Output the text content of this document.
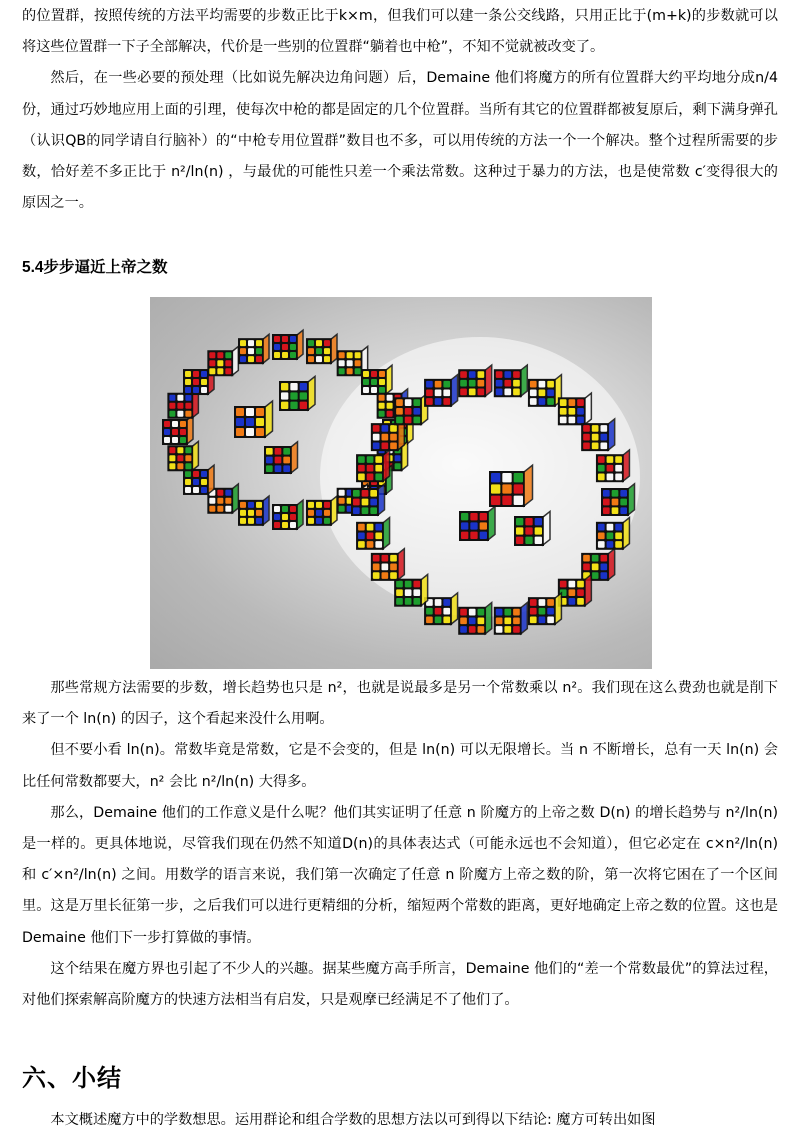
的位置群，按照传统的方法平均需要的步数正比于k×m，但我们可以建一条公交线路，只用正比于(m+k)的步数就可以将这些位置群一下子全部解决，代价是一些别的位置群“躺着也中枪”，不知不觉就被改变了。

然后，在一些必要的预处理（比如说先解决边角问题）后，Demaine 他们将魔方的所有位置群大约平均地分成n/4份，通过巧妙地应用上面的引理，使每次中枪的都是固定的几个位置群。当所有其它的位置群都被复原后，剩下满身弹孔（认识QB的同学请自行脑补）的“中枪专用位置群”数目也不多，可以用传统的方法一个一个解决。整个过程所需要的步数，恰好差不多正比于 n²/ln(n) ，与最优的可能性只差一个乘法常数。这种过于暴力的方法，也是使常数 c′变得很大的原因之一。

5.4步步逼近上帝之数

那些常规方法需要的步数，增长趋势也只是 n²，也就是说最多是另一个常数乘以 n²。我们现在这么费劲也就是削下来了一个 ln(n) 的因子，这个看起来没什么用啊。

但不要小看 ln(n)。常数毕竟是常数，它是不会变的，但是 ln(n) 可以无限增长。当 n 不断增长，总有一天 ln(n) 会比任何常数都要大，n² 会比 n²/ln(n) 大得多。

那么，Demaine 他们的工作意义是什么呢？他们其实证明了任意 n 阶魔方的上帝之数 D(n) 的增长趋势与 n²/ln(n) 是一样的。更具体地说，尽管我们现在仍然不知道D(n)的具体表达式（可能永远也不会知道），但它必定在 c×n²/ln(n) 和 c′×n²/ln(n) 之间。用数学的语言来说，我们第一次确定了任意 n 阶魔方上帝之数的阶，第一次将它困在了一个区间里。这是万里长征第一步，之后我们可以进行更精细的分析，缩短两个常数的距离，更好地确定上帝之数的位置。这也是Demaine 他们下一步打算做的事情。

这个结果在魔方界也引起了不少人的兴趣。据某些魔方高手所言，Demaine 他们的“差一个常数最优”的算法过程，对他们探索解高阶魔方的快速方法相当有启发，只是观摩已经满足不了他们了。

六、小结

本文概述魔方中的学数想思。运用群论和组合学数的思想方法以可到得以下结论: 魔方可转出如图
